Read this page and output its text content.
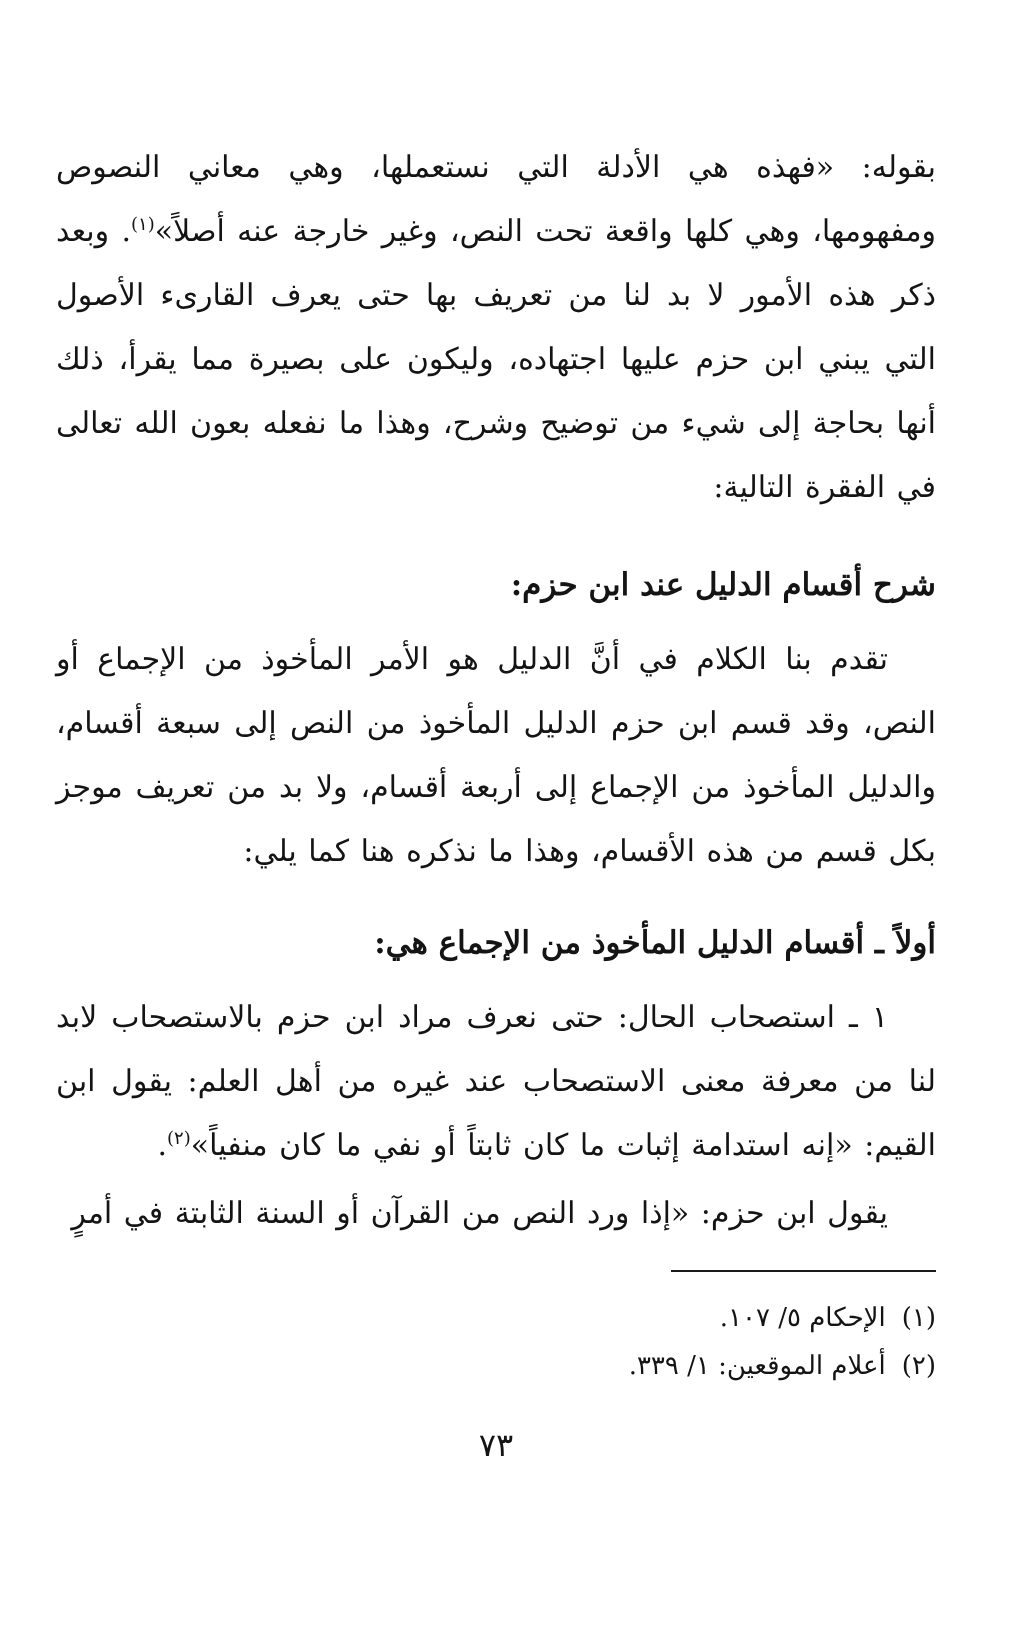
بقوله: «فهذه هي الأدلة التي نستعملها، وهي معاني النصوص ومفهومها، وهي كلها واقعة تحت النص، وغير خارجة عنه أصلاً»$^{(١)}$. وبعد ذكر هذه الأمور لا بد لنا من تعريف بها حتى يعرف القارىء الأصول التي يبني ابن حزم عليها اجتهاده، وليكون على بصيرة مما يقرأ، ذلك أنها بحاجة إلى شيء من توضيح وشرح، وهذا ما نفعله بعون الله تعالى في الفقرة التالية:

شرح أقسام الدليل عند ابن حزم:

تقدم بنا الكلام في أنَّ الدليل هو الأمر المأخوذ من الإجماع أو النص، وقد قسم ابن حزم الدليل المأخوذ من النص إلى سبعة أقسام، والدليل المأخوذ من الإجماع إلى أربعة أقسام، ولا بد من تعريف موجز بكل قسم من هذه الأقسام، وهذا ما نذكره هنا كما يلي:

أولاً ـ أقسام الدليل المأخوذ من الإجماع هي:

١ ـ استصحاب الحال: حتى نعرف مراد ابن حزم بالاستصحاب لابد لنا من معرفة معنى الاستصحاب عند غيره من أهل العلم: يقول ابن القيم: «إنه استدامة إثبات ما كان ثابتاً أو نفي ما كان منفياً»$^{(٢)}$.

يقول ابن حزم: «إذا ورد النص من القرآن أو السنة الثابتة في أمرٍ

(١)الإحكام ٥/ ١٠٧.

(٢)أعلام الموقعين: ١/ ٣٣٩.

٧٣
